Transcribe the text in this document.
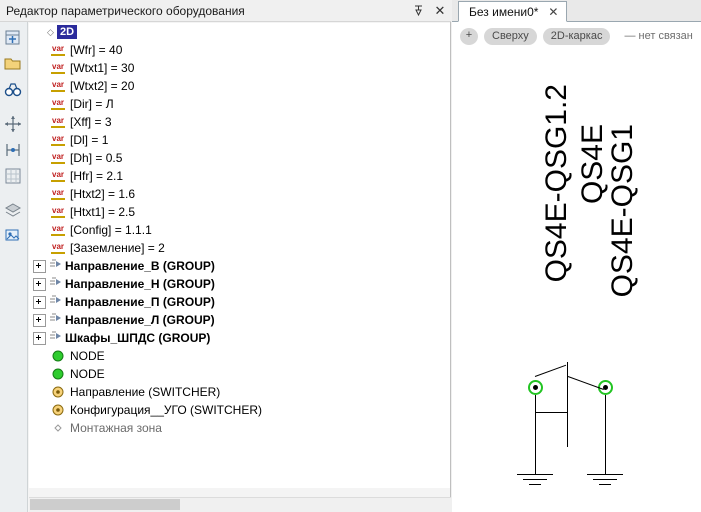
Редактор параметрического оборудования	✕
◇ 2D
var [Wfr] = 40
var [Wtxt1] = 30
var [Wtxt2] = 20
var [Dir] = Л
var [Xff] = 3
var [Dl] = 1
var [Dh] = 0.5
var [Hfr] = 2.1
var [Htxt2] = 1.6
var [Htxt1] = 2.5
var [Config] = 1.1.1
var [Заземление] = 2
Направление_В (GROUP)
Направление_Н (GROUP)
Направление_П (GROUP)
Направление_Л (GROUP)
Шкафы_ШПДС (GROUP)
NODE
NODE
Направление (SWITCHER)
Конфигурация__УГО (SWITCHER)
Монтажная зона
Без имени0* ✕
+	Сверху	2D-каркас	— нет связан
QS4E-QSG1.2 QS4E
QS4E-QSG1
